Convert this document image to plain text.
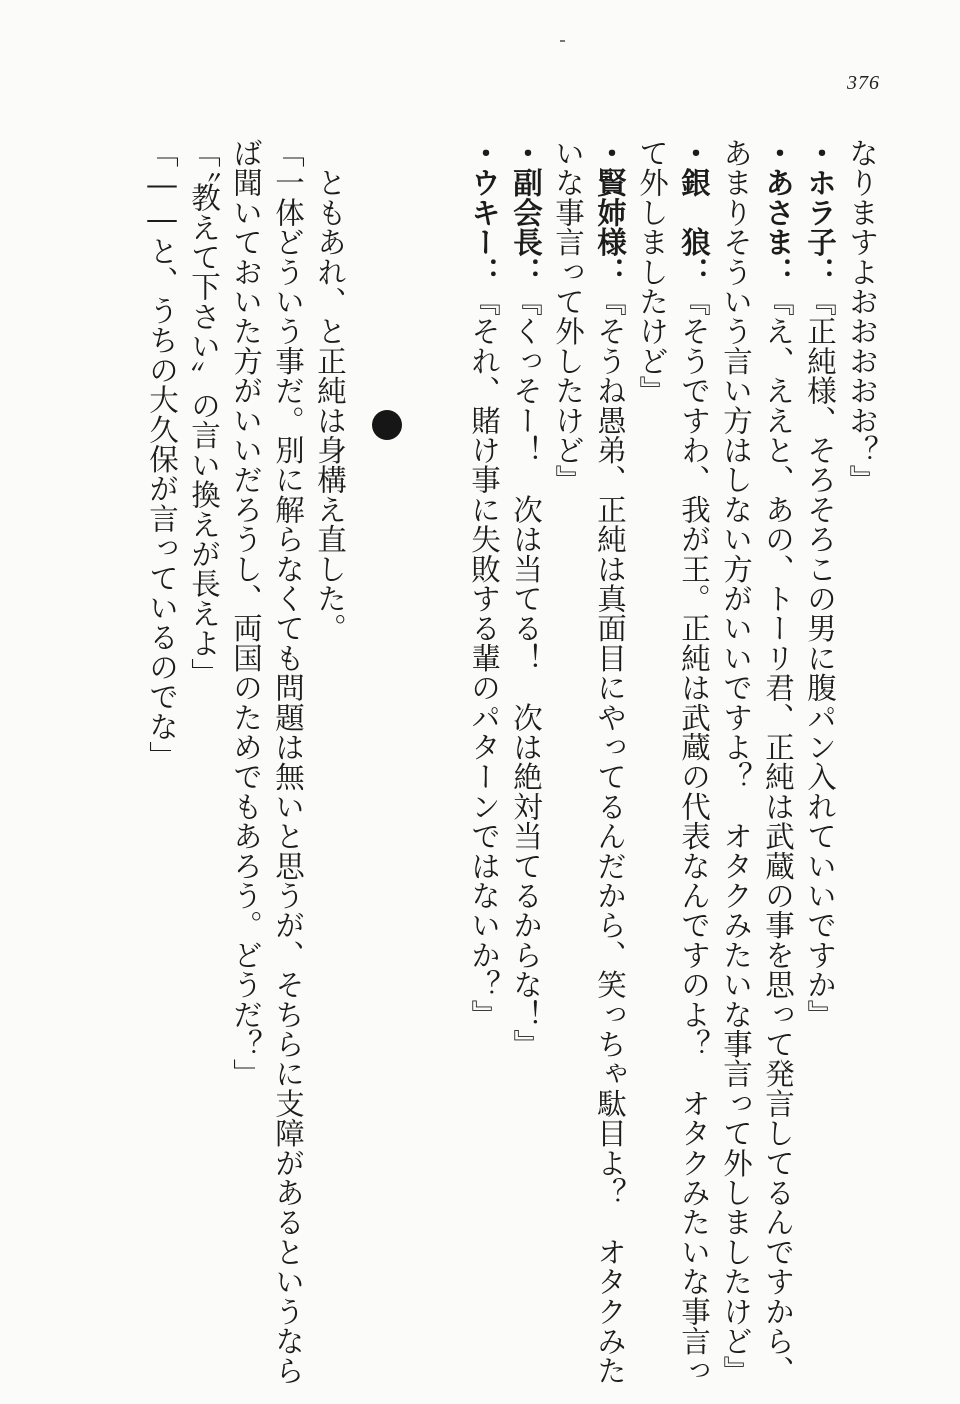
376
なりますよおおおおお？』
・ホラ子：『正純様、そろそろこの男に腹パン入れていいですか』
・あさま：『え、ええと、あの、トーリ君、正純は武蔵の事を思って発言してるんですから、
あまりそういう言い方はしない方がいいですよ？　オタクみたいな事言って外しましたけど』
・銀　狼：『そうですわ、我が王。正純は武蔵の代表なんですのよ？　オタクみたいな事言っ
て外しましたけど』
・賢姉様：『そうね愚弟、正純は真面目にやってるんだから、笑っちゃ駄目よ？　オタクみた
いな事言って外したけど』
・副会長：『くっそー！　次は当てる！　次は絶対当てるからな！』
・ウキー：『それ、賭け事に失敗する輩のパターンではないか？』
　ともあれ、と正純は身構え直した。
「一体どういう事だ。別に解らなくても問題は無いと思うが、そちらに支障があるというなら
ば聞いておいた方がいいだろうし、両国のためでもあろう。どうだ？」
「〝教えて下さい〟の言い換えが長えよ」
「――と、うちの大久保が言っているのでな」
